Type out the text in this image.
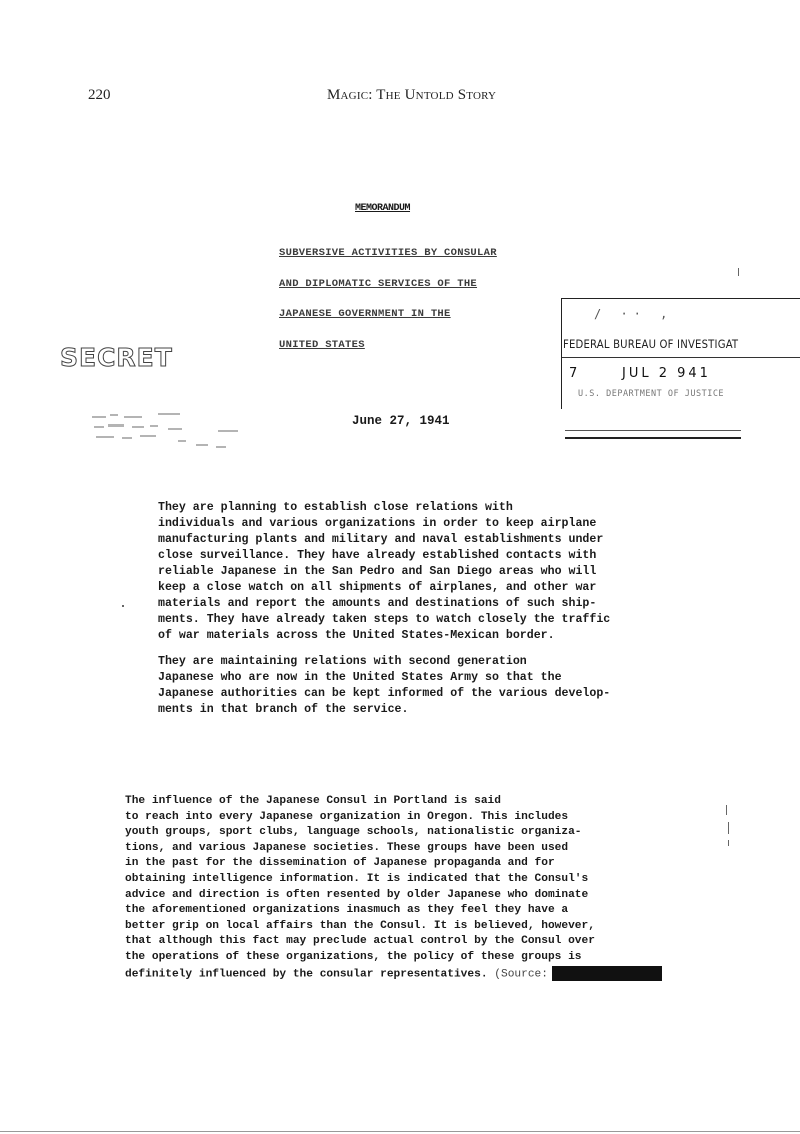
220	Magic: The Untold Story
MEMORANDUM
SUBVERSIVE ACTIVITIES BY CONSULAR
AND DIPLOMATIC SERVICES OF THE
JAPANESE GOVERNMENT IN THE
UNITED STATES
SECRET
June 27, 1941
/ ·· ,
FEDERAL BUREAU OF INVESTIGAT
7	JUL 2 941
U.S. DEPARTMENT OF JUSTICE
They are planning to establish close relations with
individuals and various organizations in order to keep airplane
manufacturing plants and military and naval establishments under
close surveillance. They have already established contacts with
reliable Japanese in the San Pedro and San Diego areas who will
keep a close watch on all shipments of airplanes, and other war
materials and report the amounts and destinations of such ship-
ments. They have already taken steps to watch closely the traffic
of war materials across the United States-Mexican border.
They are maintaining relations with second generation
Japanese who are now in the United States Army so that the
Japanese authorities can be kept informed of the various develop-
ments in that branch of the service.
The influence of the Japanese Consul in Portland is said
to reach into every Japanese organization in Oregon. This includes
youth groups, sport clubs, language schools, nationalistic organiza-
tions, and various Japanese societies. These groups have been used
in the past for the dissemination of Japanese propaganda and for
obtaining intelligence information. It is indicated that the Consul's
advice and direction is often resented by older Japanese who dominate
the aforementioned organizations inasmuch as they feel they have a
better grip on local affairs than the Consul. It is believed, however,
that although this fact may preclude actual control by the Consul over
the operations of these organizations, the policy of these groups is
definitely influenced by the consular representatives. (Source:
